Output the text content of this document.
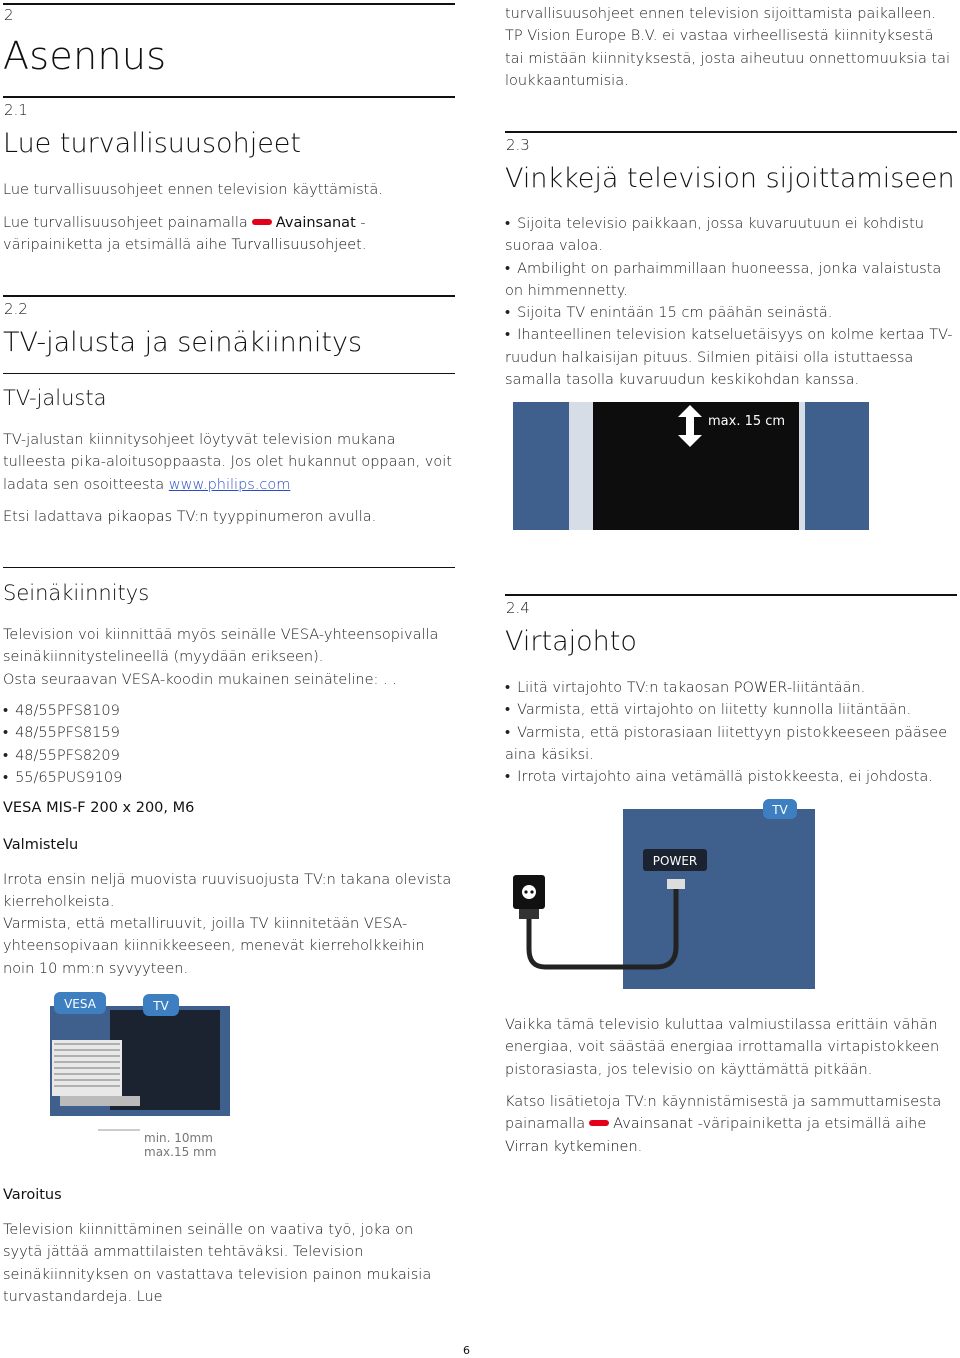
2
Asennus
2.1
Lue turvallisuusohjeet

Lue turvallisuusohjeet ennen television käyttämistä.

Lue turvallisuusohjeet painamalla Avainsanat -väripainiketta ja etsimällä aihe Turvallisuusohjeet.

2.2
TV-jalusta ja seinäkiinnitys
TV-jalusta

TV-jalustan kiinnitysohjeet löytyvät television mukana tulleesta pika-aloitusoppaasta. Jos olet hukannut oppaan, voit ladata sen osoitteesta www.philips.com

Etsi ladattava pikaopas TV:n tyyppinumeron avulla.

turvallisuusohjeet ennen television sijoittamista paikalleen. TP Vision Europe B.V. ei vastaa virheellisestä kiinnityksestä tai mistään kiinnityksestä, josta aiheutuu onnettomuuksia tai loukkaantumisia.

2.3
Vinkkejä television sijoittamiseen
• Sijoita televisio paikkaan, jossa kuvaruutuun ei kohdistu suoraa valoa.
• Ambilight on parhaimmillaan huoneessa, jonka valaistusta on himmennetty.
• Sijoita TV enintään 15 cm päähän seinästä.
• Ihanteellinen television katseluetäisyys on kolme kertaa TV-ruudun halkaisijan pituus. Silmien pitäisi olla istuttaessa samalla tasolla kuvaruudun keskikohdan kanssa.
max. 15 cm
Seinäkiinnitys

Television voi kiinnittää myös seinälle VESA-yhteensopivalla seinäkiinnitystelineellä (myydään erikseen).

Osta seuraavan VESA-koodin mukainen seinäteline: . .

• 48/55PFS8109
• 48/55PFS8159
• 48/55PFS8209
• 55/65PUS9109
VESA MIS-F 200 x 200, M6
Valmistelu

Irrota ensin neljä muovista ruuvisuojusta TV:n takana olevista kierreholkeista.

Varmista, että metalliruuvit, joilla TV kiinnitetään VESA-yhteensopivaan kiinnikkeeseen, menevät kierreholkkeihin noin 10 mm:n syvyyteen.

VESA	TV
min. 10mm
max.15 mm
Varoitus

Television kiinnittäminen seinälle on vaativa työ, joka on syytä jättää ammattilaisten tehtäväksi. Television seinäkiinnityksen on vastattava television painon mukaisia turvastandardeja. Lue

2.4
Virtajohto
• Liitä virtajohto TV:n takaosan POWER-liitäntään.
• Varmista, että virtajohto on liitetty kunnolla liitäntään.
• Varmista, että pistorasiaan liitettyyn pistokkeeseen pääsee aina käsiksi.
• Irrota virtajohto aina vetämällä pistokkeesta, ei johdosta.
TV
POWER

Vaikka tämä televisio kuluttaa valmiustilassa erittäin vähän energiaa, voit säästää energiaa irrottamalla virtapistokkeen pistorasiasta, jos televisio on käyttämättä pitkään.

Katso lisätietoja TV:n käynnistämisestä ja sammuttamisesta painamalla Avainsanat -väripainiketta ja etsimällä aihe Virran kytkeminen.

6
